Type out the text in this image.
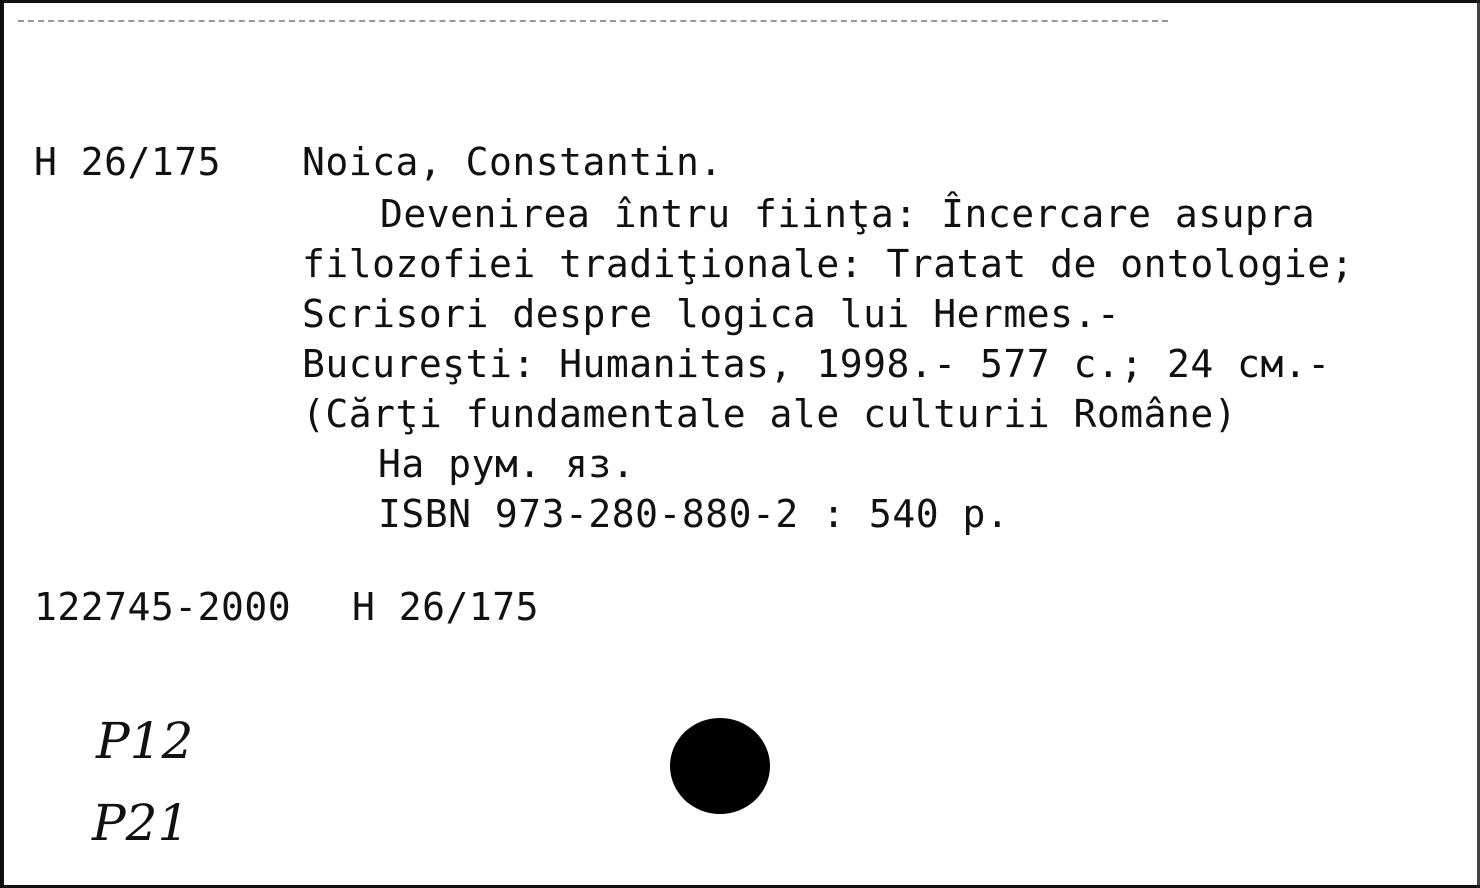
Н 26/175 Noica, Constantin.
Devenirea întru fiinţa: Încercare asupra
filozofiei tradiţionale: Tratat de ontologie;
Scrisori despre logica lui Hermes.-
Bucureşti: Humanitas, 1998.- 577 с.; 24 см.-
(Cărţi fundamentale ale culturii Române)
На рум. яз.
ISBN 973-280-880-2 : 540 р.
122745-2000 Н 26/175
Р12
Р21
